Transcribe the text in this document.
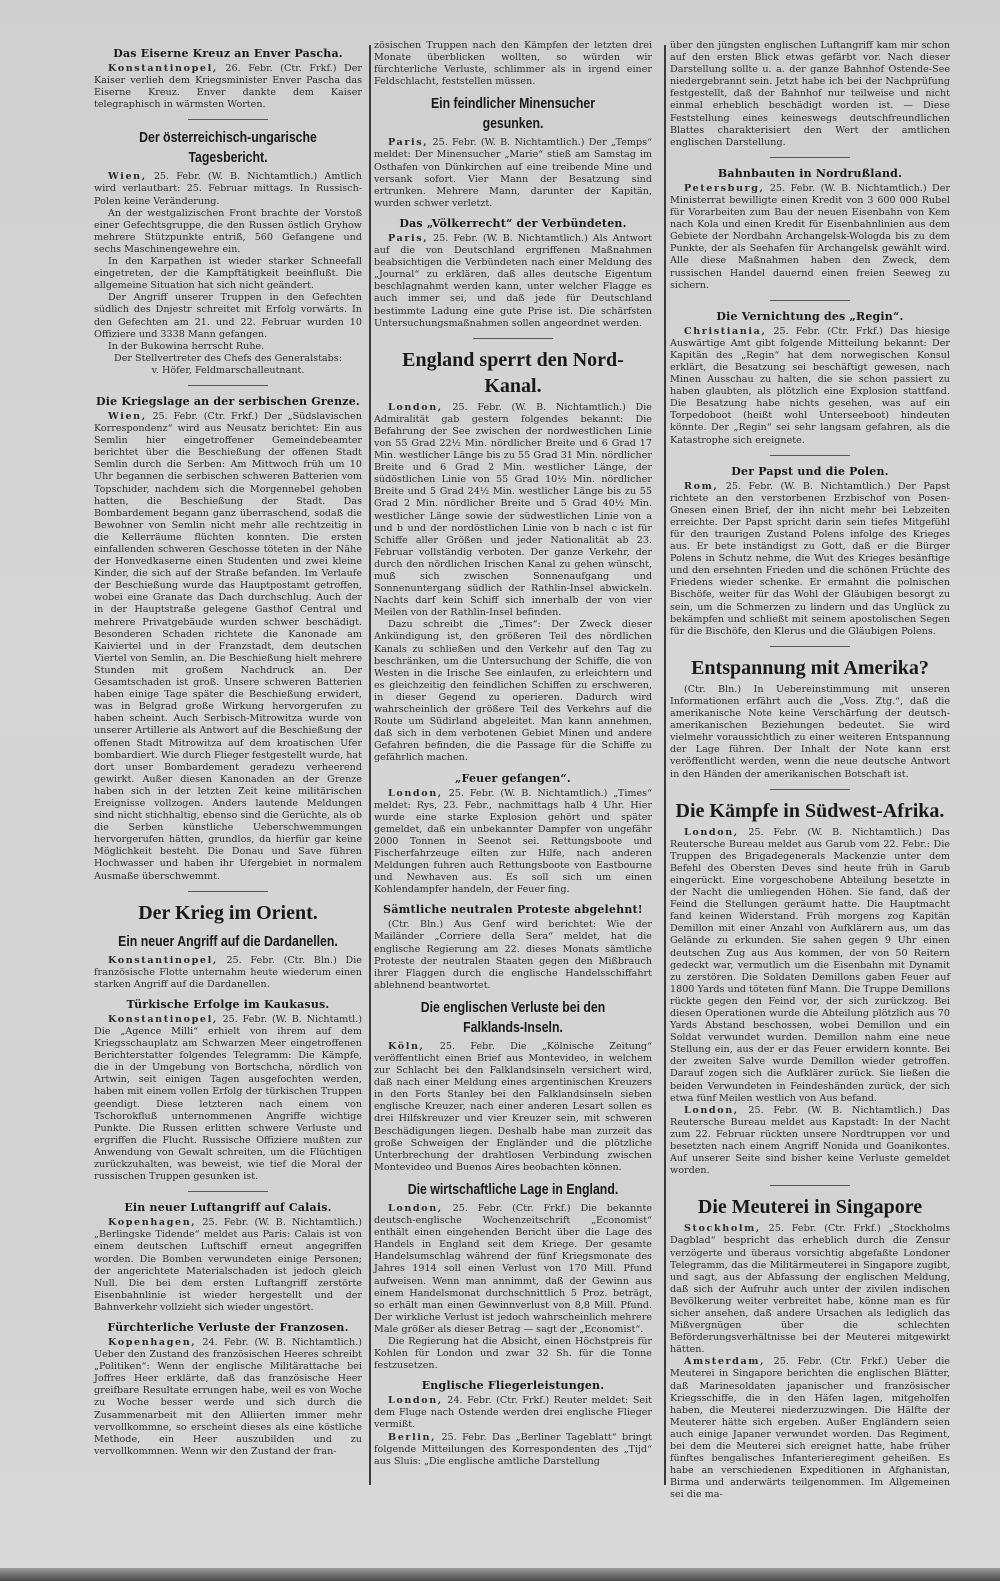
Das Eiserne Kreuz an Enver Pascha.

Konstantinopel, 26. Febr. (Ctr. Frkf.) Der Kaiser verlieh dem Kriegsminister Enver Pascha das Eiserne Kreuz. Enver dankte dem Kaiser telegraphisch in wärmsten Worten.

Der österreichisch-ungarische Tagesbericht.

Wien, 25. Febr. (W. B. Nichtamtlich.) Amtlich wird verlautbart: 25. Februar mittags. In Russisch-Polen keine Veränderung.

An der westgalizischen Front brachte der Vorstoß einer Gefechtsgruppe, die den Russen östlich Gryhow mehrere Stützpunkte entriß, 560 Gefangene und sechs Maschinengewehre ein.

In den Karpathen ist wieder starker Schneefall eingetreten, der die Kampftätigkeit beeinflußt. Die allgemeine Situation hat sich nicht geändert.

Der Angriff unserer Truppen in den Gefechten südlich des Dnjestr schreitet mit Erfolg vorwärts. In den Gefechten am 21. und 22. Februar wurden 10 Offiziere und 3338 Mann gefangen.

In der Bukowina herrscht Ruhe.

Der Stellvertreter des Chefs des Generalstabs:

v. Höfer, Feldmarschalleutnant.

Die Kriegslage an der serbischen Grenze.

Wien, 25. Febr. (Ctr. Frkf.) Der „Südslavischen Korrespondenz“ wird aus Neusatz berichtet: Ein aus Semlin hier eingetroffener Gemeindebeamter berichtet über die Beschießung der offenen Stadt Semlin durch die Serben: Am Mittwoch früh um 10 Uhr begannen die serbischen schweren Batterien vom Topschider, nachdem sich die Morgennebel gehoben hatten, die Beschießung der Stadt. Das Bombardement begann ganz überraschend, sodaß die Bewohner von Semlin nicht mehr alle rechtzeitig in die Kellerräume flüchten konnten. Die ersten einfallenden schweren Geschosse töteten in der Nähe der Honvedkaserne einen Studenten und zwei kleine Kinder, die sich auf der Straße befanden. Im Verlaufe der Beschießung wurde das Hauptpostamt getroffen, wobei eine Granate das Dach durchschlug. Auch der in der Hauptstraße gelegene Gasthof Central und mehrere Privatgebäude wurden schwer beschädigt. Besonderen Schaden richtete die Kanonade am Kaiviertel und in der Franzstadt, dem deutschen Viertel von Semlin, an. Die Beschießung hielt mehrere Stunden mit großem Nachdruck an. Der Gesamtschaden ist groß. Unsere schweren Batterien haben einige Tage später die Beschießung erwidert, was in Belgrad große Wirkung hervorgerufen zu haben scheint. Auch Serbisch-Mitrowitza wurde von unserer Artillerie als Antwort auf die Beschießung der offenen Stadt Mitrowitza auf dem kroatischen Ufer bombardiert. Wie durch Flieger festgestellt wurde, hat dort unser Bombardement geradezu verheerend gewirkt. Außer diesen Kanonaden an der Grenze haben sich in der letzten Zeit keine militärischen Ereignisse vollzogen. Anders lautende Meldungen sind nicht stichhaltig, ebenso sind die Gerüchte, als ob die Serben künstliche Ueberschwemmungen hervorgerufen hätten, grundlos, da hierfür gar keine Möglichkeit besteht. Die Donau und Save führen Hochwasser und haben ihr Ufergebiet in normalem Ausmaße überschwemmt.

Der Krieg im Orient.
Ein neuer Angriff auf die Dardanellen.

Konstantinopel, 25. Febr. (Ctr. Bln.) Die französische Flotte unternahm heute wiederum einen starken Angriff auf die Dardanellen.

Türkische Erfolge im Kaukasus.

Konstantinopel, 25. Febr. (W. B. Nichtamtl.) Die „Agence Milli“ erhielt von ihrem auf dem Kriegsschauplatz am Schwarzen Meer eingetroffenen Berichterstatter folgendes Telegramm: Die Kämpfe, die in der Umgebung von Bortschcha, nördlich von Artwin, seit einigen Tagen ausgefochten werden, haben mit einem vollen Erfolg der türkischen Truppen geendigt. Diese letzteren nach einem von Tschorokfluß unternommenen Angriffe wichtige Punkte. Die Russen erlitten schwere Verluste und ergriffen die Flucht. Russische Offiziere mußten zur Anwendung von Gewalt schreiten, um die Flüchtigen zurückzuhalten, was beweist, wie tief die Moral der russischen Truppen gesunken ist.

Ein neuer Luftangriff auf Calais.

Kopenhagen, 25. Febr. (W. B. Nichtamtlich.) „Berlingske Tidende“ meldet aus Paris: Calais ist von einem deutschen Luftschiff erneut angegriffen worden. Die Bomben verwundeten einige Personen; der angerichtete Materialschaden ist jedoch gleich Null. Die bei dem ersten Luftangriff zerstörte Eisenbahnlinie ist wieder hergestellt und der Bahnverkehr vollzieht sich wieder ungestört.

Fürchterliche Verluste der Franzosen.

Kopenhagen, 24. Febr. (W. B. Nichtamtlich.) Ueber den Zustand des französischen Heeres schreibt „Politiken“: Wenn der englische Militärattache bei Joffres Heer erklärte, daß das französische Heer greifbare Resultate errungen habe, weil es von Woche zu Woche besser werde und sich durch die Zusammenarbeit mit den Alliierten immer mehr vervollkommne, so erscheint dieses als eine köstliche Methode, ein Heer auszubilden und zu vervollkommnen. Wenn wir den Zustand der fran-

zösischen Truppen nach den Kämpfen der letzten drei Monate überblicken wollten, so würden wir fürchterliche Verluste, schlimmer als in irgend einer Feldschlacht, feststellen müssen.

Ein feindlicher Minensucher gesunken.

Paris, 25. Febr. (W. B. Nichtamtlich.) Der „Temps“ meldet: Der Minensucher „Marie“ stieß am Samstag im Osthafen von Dünkirchen auf eine treibende Mine und versank sofort. Vier Mann der Besatzung sind ertrunken. Mehrere Mann, darunter der Kapitän, wurden schwer verletzt.

Das „Völkerrecht“ der Verbündeten.

Paris, 25. Febr. (W. B. Nichtamtlich.) Als Antwort auf die von Deutschland ergriffenen Maßnahmen beabsichtigen die Verbündeten nach einer Meldung des „Journal“ zu erklären, daß alles deutsche Eigentum beschlagnahmt werden kann, unter welcher Flagge es auch immer sei, und daß jede für Deutschland bestimmte Ladung eine gute Prise ist. Die schärfsten Untersuchungsmaßnahmen sollen angeordnet werden.

England sperrt den Nord-Kanal.

London, 25. Febr. (W. B. Nichtamtlich.) Die Admiralität gab gestern folgendes bekannt: Die Befahrung der See zwischen der nordwestlichen Linie von 55 Grad 22½ Min. nördlicher Breite und 6 Grad 17 Min. westlicher Länge bis zu 55 Grad 31 Min. nördlicher Breite und 6 Grad 2 Min. westlicher Länge, der südöstlichen Linie von 55 Grad 10½ Min. nördlicher Breite und 5 Grad 24½ Min. westlicher Länge bis zu 55 Grad 2 Min. nördlicher Breite und 5 Grad 40½ Min. westlicher Länge sowie der südwestlichen Linie von a und b und der nordöstlichen Linie von b nach c ist für Schiffe aller Größen und jeder Nationalität ab 23. Februar vollständig verboten. Der ganze Verkehr, der durch den nördlichen Irischen Kanal zu gehen wünscht, muß sich zwischen Sonnenaufgang und Sonnenuntergang südlich der Rathlin-Insel abwickeln. Nachts darf kein Schiff sich innerhalb der von vier Meilen von der Rathlin-Insel befinden.

Dazu schreibt die „Times“: Der Zweck dieser Ankündigung ist, den größeren Teil des nördlichen Kanals zu schließen und den Verkehr auf den Tag zu beschränken, um die Untersuchung der Schiffe, die von Westen in die Irische See einlaufen, zu erleichtern und es gleichzeitig den feindlichen Schiffen zu erschweren, in dieser Gegend zu operieren. Dadurch wird wahrscheinlich der größere Teil des Verkehrs auf die Route um Südirland abgeleitet. Man kann annehmen, daß sich in dem verbotenen Gebiet Minen und andere Gefahren befinden, die die Passage für die Schiffe zu gefährlich machen.

„Feuer gefangen“.

London, 25. Febr. (W. B. Nichtamtlich.) „Times“ meldet: Rys, 23. Febr., nachmittags halb 4 Uhr. Hier wurde eine starke Explosion gehört und später gemeldet, daß ein unbekannter Dampfer von ungefähr 2000 Tonnen in Seenot sei. Rettungsboote und Fischerfahrzeuge eilten zur Hilfe, nach anderen Meldungen fuhren auch Rettungsboote von Eastbourne und Newhaven aus. Es soll sich um einen Kohlendampfer handeln, der Feuer fing.

Sämtliche neutralen Proteste abgelehnt!

(Ctr. Bln.) Aus Genf wird berichtet: Wie der Mailänder „Corriere della Sera“ meldet, hat die englische Regierung am 22. dieses Monats sämtliche Proteste der neutralen Staaten gegen den Mißbrauch ihrer Flaggen durch die englische Handelsschiffahrt ablehnend beantwortet.

Die englischen Verluste bei den Falklands-Inseln.

Köln, 25. Febr. Die „Kölnische Zeitung“ veröffentlicht einen Brief aus Montevideo, in welchem zur Schlacht bei den Falklandsinseln versichert wird, daß nach einer Meldung eines argentinischen Kreuzers in den Forts Stanley bei den Falklandsinseln sieben englische Kreuzer, nach einer anderen Lesart sollen es drei Hilfskreuzer und vier Kreuzer sein, mit schweren Beschädigungen liegen. Deshalb habe man zurzeit das große Schweigen der Engländer und die plötzliche Unterbrechung der drahtlosen Verbindung zwischen Montevideo und Buenos Aires beobachten können.

Die wirtschaftliche Lage in England.

London, 25. Febr. (Ctr. Frkf.) Die bekannte deutsch-englische Wochenzeitschrift „Economist“ enthält einen eingehenden Bericht über die Lage des Handels in England seit dem Kriege. Der gesamte Handelsumschlag während der fünf Kriegsmonate des Jahres 1914 soll einen Verlust von 170 Mill. Pfund aufweisen. Wenn man annimmt, daß der Gewinn aus einem Handelsmonat durchschnittlich 5 Proz. beträgt, so erhält man einen Gewinnverlust von 8,8 Mill. Pfund. Der wirkliche Verlust ist jedoch wahrscheinlich mehrere Male größer als dieser Betrag — sagt der „Economist“.

Die Regierung hat die Absicht, einen Höchstpreis für Kohlen für London und zwar 32 Sh. für die Tonne festzusetzen.

Englische Fliegerleistungen.

London, 24. Febr. (Ctr. Frkf.) Reuter meldet: Seit dem Fluge nach Ostende werden drei englische Flieger vermißt.

Berlin, 25. Febr. Das „Berliner Tageblatt“ bringt folgende Mitteilungen des Korrespondenten des „Tijd“ aus Sluis: „Die englische amtliche Darstellung

über den jüngsten englischen Luftangriff kam mir schon auf den ersten Blick etwas gefärbt vor. Nach dieser Darstellung sollte u. a. der ganze Bahnhof Ostende-See niedergebrannt sein. Jetzt habe ich bei der Nachprüfung festgestellt, daß der Bahnhof nur teilweise und nicht einmal erheblich beschädigt worden ist. — Diese Feststellung eines keineswegs deutschfreundlichen Blattes charakterisiert den Wert der amtlichen englischen Darstellung.

Bahnbauten in Nordrußland.

Petersburg, 25. Febr. (W. B. Nichtamtlich.) Der Ministerrat bewilligte einen Kredit von 3 600 000 Rubel für Vorarbeiten zum Bau der neuen Eisenbahn von Kem nach Kola und einen Kredit für Eisenbahnlinien aus dem Gebiete der Nordbahn Archangelsk-Wologda bis zu dem Punkte, der als Seehafen für Archangelsk gewählt wird. Alle diese Maßnahmen haben den Zweck, dem russischen Handel dauernd einen freien Seeweg zu sichern.

Die Vernichtung des „Regin“.

Christiania, 25. Febr. (Ctr. Frkf.) Das hiesige Auswärtige Amt gibt folgende Mitteilung bekannt: Der Kapitän des „Regin“ hat dem norwegischen Konsul erklärt, die Besatzung sei beschäftigt gewesen, nach Minen Ausschau zu halten, die sie schon passiert zu haben glaubten, als plötzlich eine Explosion stattfand. Die Besatzung habe nichts gesehen, was auf ein Torpedoboot (heißt wohl Unterseeboot) hindeuten könnte. Der „Regin“ sei sehr langsam gefahren, als die Katastrophe sich ereignete.

Der Papst und die Polen.

Rom, 25. Febr. (W. B. Nichtamtlich.) Der Papst richtete an den verstorbenen Erzbischof von Posen-Gnesen einen Brief, der ihn nicht mehr bei Lebzeiten erreichte. Der Papst spricht darin sein tiefes Mitgefühl für den traurigen Zustand Polens infolge des Krieges aus. Er bete inständigst zu Gott, daß er die Bürger Polens in Schutz nehme, die Wut des Krieges besänftige und den ersehnten Frieden und die schönen Früchte des Friedens wieder schenke. Er ermahnt die polnischen Bischöfe, weiter für das Wohl der Gläubigen besorgt zu sein, um die Schmerzen zu lindern und das Unglück zu bekämpfen und schließt mit seinem apostolischen Segen für die Bischöfe, den Klerus und die Gläubigen Polens.

Entspannung mit Amerika?

(Ctr. Bln.) In Uebereinstimmung mit unseren Informationen erfährt auch die „Voss. Ztg.“, daß die amerikanische Note keine Verschärfung der deutsch-amerikanischen Beziehungen bedeutet. Sie wird vielmehr voraussichtlich zu einer weiteren Entspannung der Lage führen. Der Inhalt der Note kann erst veröffentlicht werden, wenn die neue deutsche Antwort in den Händen der amerikanischen Botschaft ist.

Die Kämpfe in Südwest-Afrika.

London, 25. Febr. (W. B. Nichtamtlich.) Das Reutersche Bureau meldet aus Garub vom 22. Febr.: Die Truppen des Brigadegenerals Mackenzie unter dem Befehl des Obersten Deves sind heute früh in Garub eingerückt. Eine vorgeschobene Abteilung besetzte in der Nacht die umliegenden Höhen. Sie fand, daß der Feind die Stellungen geräumt hatte. Die Hauptmacht fand keinen Widerstand. Früh morgens zog Kapitän Demillon mit einer Anzahl von Aufklärern aus, um das Gelände zu erkunden. Sie sahen gegen 9 Uhr einen deutschen Zug aus Aus kommen, der von 50 Reitern gedeckt war, vermutlich um die Eisenbahn mit Dynamit zu zerstören. Die Soldaten Demillons gaben Feuer auf 1800 Yards und töteten fünf Mann. Die Truppe Demillons rückte gegen den Feind vor, der sich zurückzog. Bei diesen Operationen wurde die Abteilung plötzlich aus 70 Yards Abstand beschossen, wobei Demillon und ein Soldat verwundet wurden. Demillon nahm eine neue Stellung ein, aus der er das Feuer erwidern konnte. Bei der zweiten Salve wurde Demillon wieder getroffen. Darauf zogen sich die Aufklärer zurück. Sie ließen die beiden Verwundeten in Feindeshänden zurück, der sich etwa fünf Meilen westlich von Aus befand.

London, 25. Febr. (W. B. Nichtamtlich.) Das Reutersche Bureau meldet aus Kapstadt: In der Nacht zum 22. Februar rückten unsere Nordtruppen vor und besetzten nach einem Angriff Nonida und Goanikontes. Auf unserer Seite sind bisher keine Verluste gemeldet worden.

Die Meuterei in Singapore

Stockholm, 25. Febr. (Ctr. Frkf.) „Stockholms Dagblad“ bespricht das erheblich durch die Zensur verzögerte und überaus vorsichtig abgefaßte Londoner Telegramm, das die Militärmeuterei in Singapore zugibt, und sagt, aus der Abfassung der englischen Meldung, daß sich der Aufruhr auch unter der zivilen indischen Bevölkerung weiter verbreitet habe, könne man es für sicher ansehen, daß andere Ursachen als lediglich das Mißvergnügen über die schlechten Beförderungsverhältnisse bei der Meuterei mitgewirkt hätten.

Amsterdam, 25. Febr. (Ctr. Frkf.) Ueber die Meuterei in Singapore berichten die englischen Blätter, daß Marinesoldaten japanischer und französischer Kriegsschiffe, die in den Häfen lagen, mitgeholfen haben, die Meuterei niederzuzwingen. Die Hälfte der Meuterer hätte sich ergeben. Außer Engländern seien auch einige Japaner verwundet worden. Das Regiment, bei dem die Meuterei sich ereignet hatte, habe früher fünftes bengalisches Infanterieregiment geheißen. Es habe an verschiedenen Expeditionen in Afghanistan, Birma und anderwärts teilgenommen. Im Allgemeinen sei die ma-
